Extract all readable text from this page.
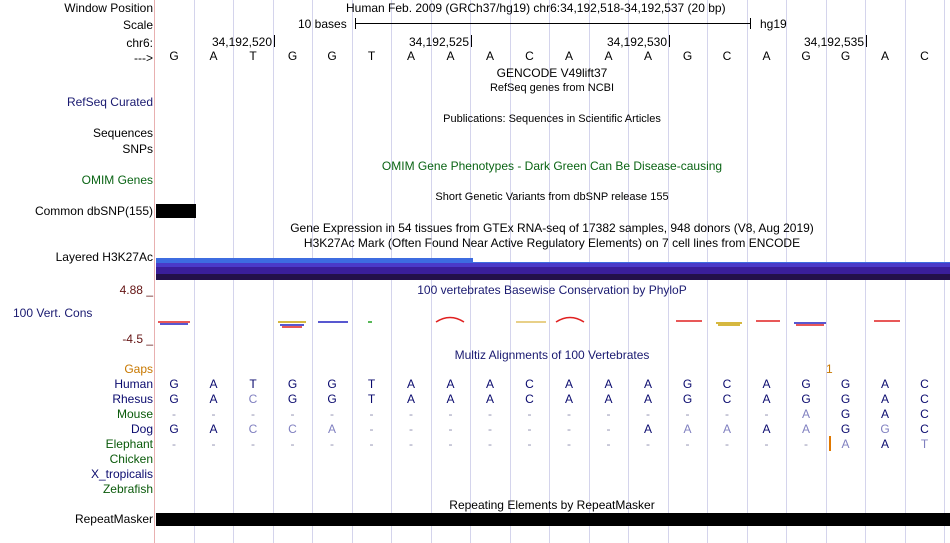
Window Position	Human Feb. 2009 (GRCh37/hg19) chr6:34,192,518-34,192,537 (20 bp)
Scale	10 bases	hg19
chr6:	34,192,520	34,192,525	34,192,530	34,192,535
--->	G	A	T	G	G	T	A	A	A	C	A	A	A	G	C	A	G	G	A	C
GENCODE V49lift37
RefSeq genes from NCBI
RefSeq Curated
Publications: Sequences in Scientific Articles
Sequences
SNPs
OMIM Gene Phenotypes - Dark Green Can Be Disease-causing
OMIM Genes
Short Genetic Variants from dbSNP release 155
Common dbSNP(155)
Gene Expression in 54 tissues from GTEx RNA-seq of 17382 samples, 948 donors (V8, Aug 2019)
H3K27Ac Mark (Often Found Near Active Regulatory Elements) on 7 cell lines from ENCODE
Layered H3K27Ac
4.88 _	100 vertebrates Basewise Conservation by PhyloP
100 Vert. Cons
-4.5 _
Multiz Alignments of 100 Vertebrates
Gaps	1
Human	G	A	T	G	G	T	A	A	A	C	A	A	A	G	C	A	G	G	A	C
Rhesus	G	A	C	G	G	T	A	A	A	C	A	A	A	G	C	A	G	G	A	C
Mouse	-	-	-	-	-	-	-	-	-	-	-	-	-	-	-	-	A	G	A	C
Dog	G	A	C	C	A	-	-	-	-	-	-	-	A	A	A	A	A	G	G	C
Elephant	-	-	-	-	-	-	-	-	-	-	-	-	-	-	-	-	-	A	A	T
Chicken
X_tropicalis
Zebrafish
Repeating Elements by RepeatMasker
RepeatMasker
